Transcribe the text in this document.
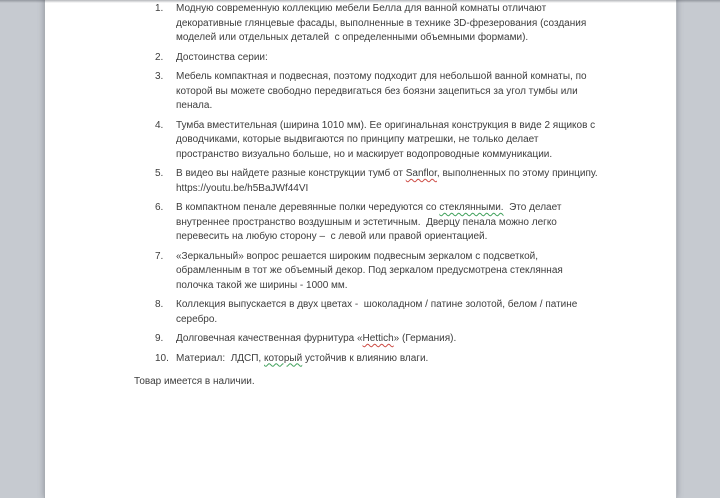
1.	Модную современную коллекцию мебели Белла для ванной комнаты отличают
декоративные глянцевые фасады, выполненные в технике 3D-фрезерования (создания
моделей или отдельных деталей  с определенными объемными формами).
2.	Достоинства серии:
3.	Мебель компактная и подвесная, поэтому подходит для небольшой ванной комнаты, по
которой вы можете свободно передвигаться без боязни зацепиться за угол тумбы или
пенала.
4.	Тумба вместительная (ширина 1010 мм). Ее оригинальная конструкция в виде 2 ящиков с
доводчиками, которые выдвигаются по принципу матрешки, не только делает
пространство визуально больше, но и маскирует водопроводные коммуникации.
5.	В видео вы найдете разные конструкции тумб от Sanflor, выполненных по этому принципу.
https://youtu.be/h5BaJWf44VI
6.	В компактном пенале деревянные полки чередуются со стеклянными.  Это делает
внутреннее пространство воздушным и эстетичным.  Дверцу пенала можно легко
перевесить на любую сторону –  с левой или правой ориентацией.
7.	«Зеркальный» вопрос решается широким подвесным зеркалом с подсветкой,
обрамленным в тот же объемный декор. Под зеркалом предусмотрена стеклянная
полочка такой же ширины - 1000 мм.
8.	Коллекция выпускается в двух цветах -  шоколадном / патине золотой, белом / патине
серебро.
9.	Долговечная качественная фурнитура «Hettich» (Германия).
10. Материал:  ЛДСП, который устойчив к влиянию влаги.

Товар имеется в наличии.
